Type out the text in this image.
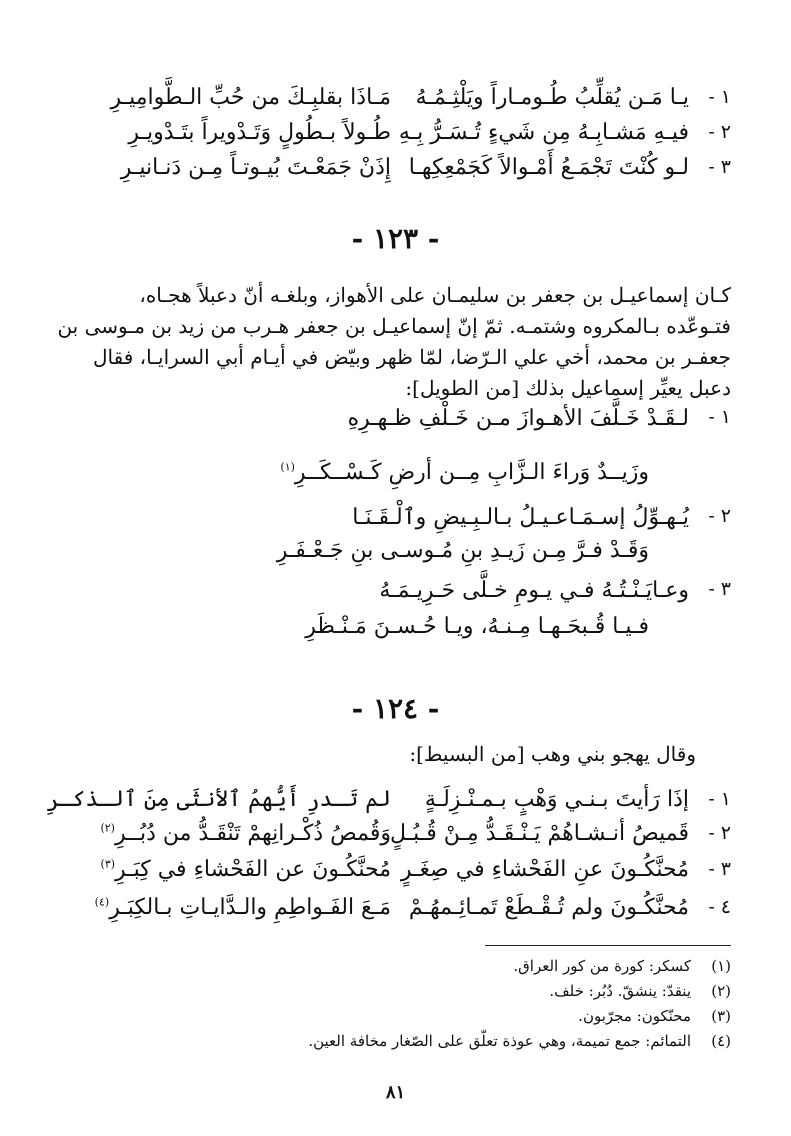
١ -
يـا مَـن يُقلِّبُ طُـومـاراً ويَلْثِـمُـهُ
مَـاذَا بقلبِـكَ من حُبِّ الـطَّوامِيـرِ
٢ -
فيـهِ مَشـابِـهُ مِن شَيءٍ تُـسَـرُّ بِـهِ
طُـولاً بـطُولٍ وَتَـدْويراً بتَـدْويـرِ
٣ -
لـو كُنْتَ تَجْمَـعُ أَمْـوالاً كَجَمْعِكِهـا
إِذَنْ جَمَعْـتَ بُيـوتـاً مِـن دَنـانيـرِ
- ١٢٣ -

كـان إسماعيـل بن جعفر بن سليمـان على الأهواز، وبلغـه أنّ دعبلاً هجـاه،

فتـوعّده بـالمكروه وشتمـه. ثمّ إنّ إسماعيـل بن جعفر هـرب من زيد بن مـوسى بن

جعفـر بن محمد، أخي علي الـرّضا، لمّا ظهر وبيّض في أيـام أبي السرايـا، فقال

دعبل يعيِّر إسماعيل بذلك [من الطويل]:

١ -
لـقَـدْ خَـلَّفَ الأهـوازَ مـن خَـلْفِ ظـهـرِهِ
وزَيــدٌ وَراءَ الـزَّابِ مِــن أرضِ كَـسْــكَــرِ$^{(١)}$
٢ -
يُـهـوِّلُ إسـمَـاعـيـلُ بـالـبِـيضِ وٱلْـقَـنَـا
وَقَـدْ فـرَّ مِـن زَيـدِ بنِ مُـوسـى بنِ جَـعْـفَـرِ
٣ -
وعـايَـنْـتُـهُ فـي يـومِ خـلَّى حَـرِيـمَـهُ
فـيـا قُـبحَـهـا مِـنـهُ، ويـا حُـسـنَ مَـنْـظَرِ
- ١٢٤ -
وقال يهجو بني وهب [من البسيط]:
١ -
إذَا رَأيتَ بـنـي وَهْبٍ بـمـنْـزِلَـةٍ
لم تَـدرِ أَيُّهمُ ٱلأنثَى مِنَ ٱلـذكـرِ
٢ -
قَميصُ أنـشـاهُمْ يَـنْـقَـدُّ مِـنْ قُـبُـلٍ
وَقُمصُ ذُكْـرانِهمْ تَنْقَـدُّ من دُبُــرِ$^{(٢)}$
٣ -
مُحنَّكُـونَ عنِ الفَحْشاءِ في صِغَـرٍ
مُحنَّكُـونَ عن الفَحْشاءِ في كِبَـرِ$^{(٣)}$
٤ -
مُحنَّكُـونَ ولم تُـقْـطَعْ تَمـائِـمهُـمْ
مَـعَ الفَـواطِمِ والـدَّايـاتِ بـالكِبَـرِ$^{(٤)}$
(١)
كسكر: كورة من كور العراق.
(٢)
ينقدّ: ينشقّ. دُبُر: خلف.
(٣)
محنّكون: مجرّبون.
(٤)
التمائم: جمع تميمة، وهي عوذة تعلّق على الصّغار مخافة العين.
٨١
